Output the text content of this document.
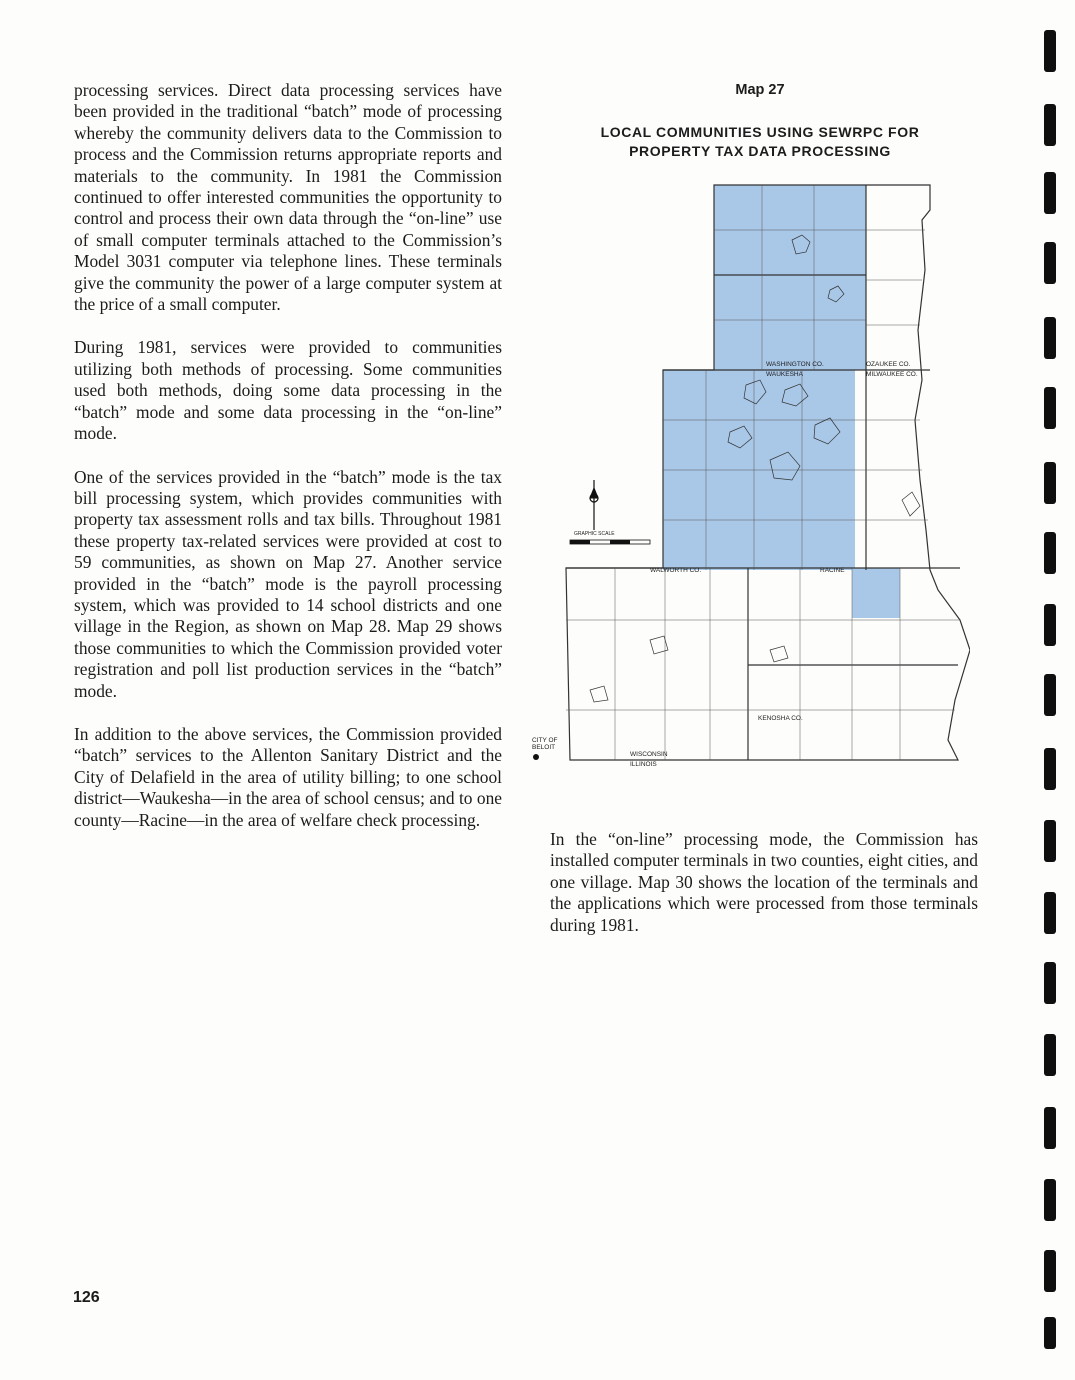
processing services. Direct data processing services have been provided in the traditional “batch” mode of processing whereby the community delivers data to the Commission to process and the Commission returns appropriate reports and materials to the community. In 1981 the Commission continued to offer interested communities the opportunity to control and process their own data through the “on-line” use of small computer terminals attached to the Commission’s Model 3031 computer via telephone lines. These terminals give the community the power of a large computer system at the price of a small computer.

During 1981, services were provided to communities utilizing both methods of processing. Some communities used both methods, doing some data processing in the “batch” mode and some data processing in the “on-line” mode.

One of the services provided in the “batch” mode is the tax bill processing system, which provides communities with property tax assessment rolls and tax bills. Throughout 1981 these property tax-related services were provided at cost to 59 communities, as shown on Map 27. Another service provided in the “batch” mode is the payroll processing system, which was provided to 14 school districts and one village in the Region, as shown on Map 28. Map 29 shows those communities to which the Commission provided voter registration and poll list production services in the “batch” mode.

In addition to the above services, the Commission provided “batch” services to the Allenton Sanitary District and the City of Delafield in the area of utility billing; to one school district—Waukesha—in the area of school census; and to one county—Racine—in the area of welfare check processing.

Map 27
LOCAL COMMUNITIES USING SEWRPC FOR
PROPERTY TAX DATA PROCESSING
WASHINGTON CO.
WAUKESHA
OZAUKEE CO.
MILWAUKEE CO.
WALWORTH CO.	RACINE
KENOSHA CO.
WISCONSIN
ILLINOIS
GRAPHIC SCALE
CITY OF BELOIT

In the “on-line” processing mode, the Commission has installed computer terminals in two counties, eight cities, and one village. Map 30 shows the location of the terminals and the applications which were processed from those terminals during 1981.

126
